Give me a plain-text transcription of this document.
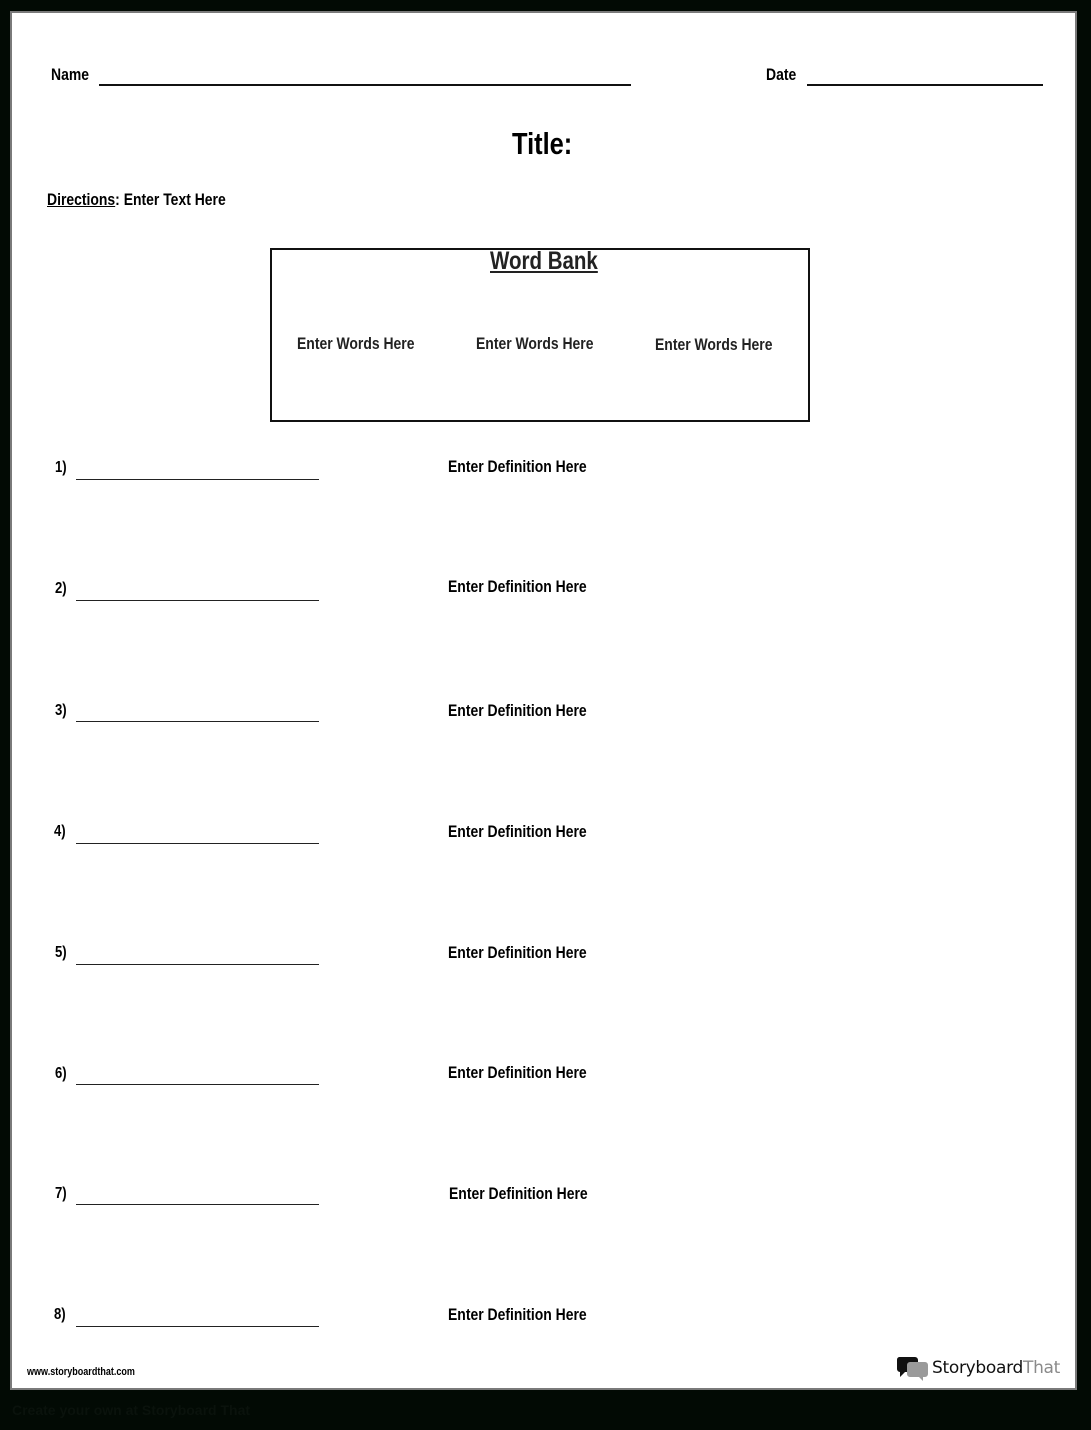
Name	Date
Title:
Directions: Enter Text Here
Word Bank
Enter Words Here	Enter Words Here	Enter Words Here
1)	Enter Definition Here
2)	Enter Definition Here
3)	Enter Definition Here
4)	Enter Definition Here
5)	Enter Definition Here
6)	Enter Definition Here
7)	Enter Definition Here
8)	Enter Definition Here
www.storyboardthat.com	StoryboardThat
Create your own at Storyboard That
